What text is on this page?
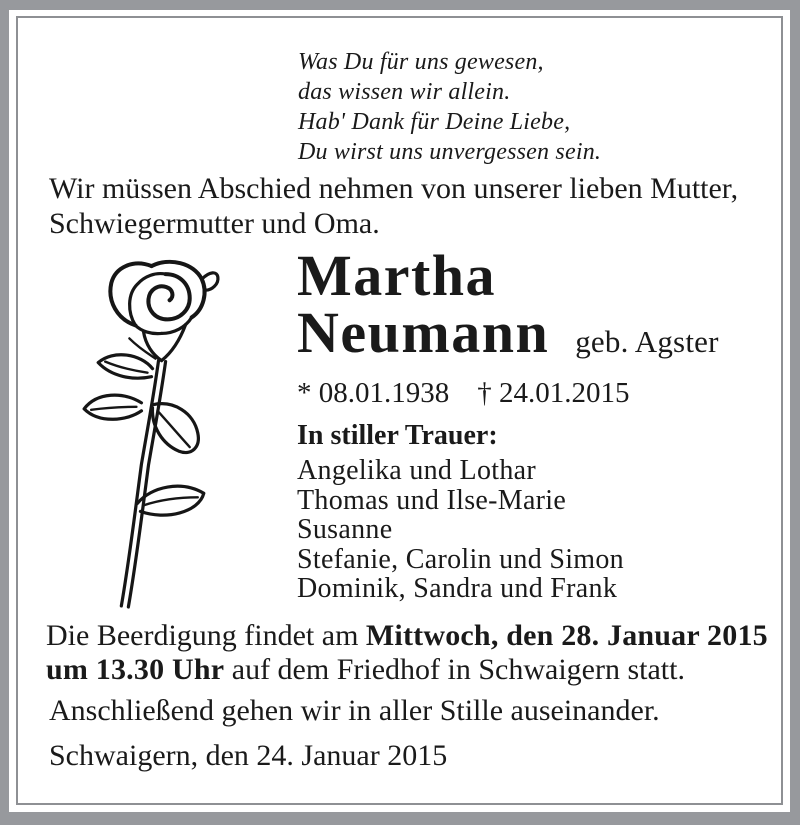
Was Du für uns gewesen,
das wissen wir allein.
Hab' Dank für Deine Liebe,
Du wirst uns unvergessen sein.
Wir müssen Abschied nehmen von unserer lieben Mutter,
Schwiegermutter und Oma.
Martha
Neumann geb. Agster
* 08.01.1938 † 24.01.2015
In stiller Trauer:
Angelika und Lothar
Thomas und Ilse-Marie
Susanne
Stefanie, Carolin und Simon
Dominik, Sandra und Frank
Die Beerdigung findet am Mittwoch, den 28. Januar 2015
um 13.30 Uhr auf dem Friedhof in Schwaigern statt.
Anschließend gehen wir in aller Stille auseinander.
Schwaigern, den 24. Januar 2015
